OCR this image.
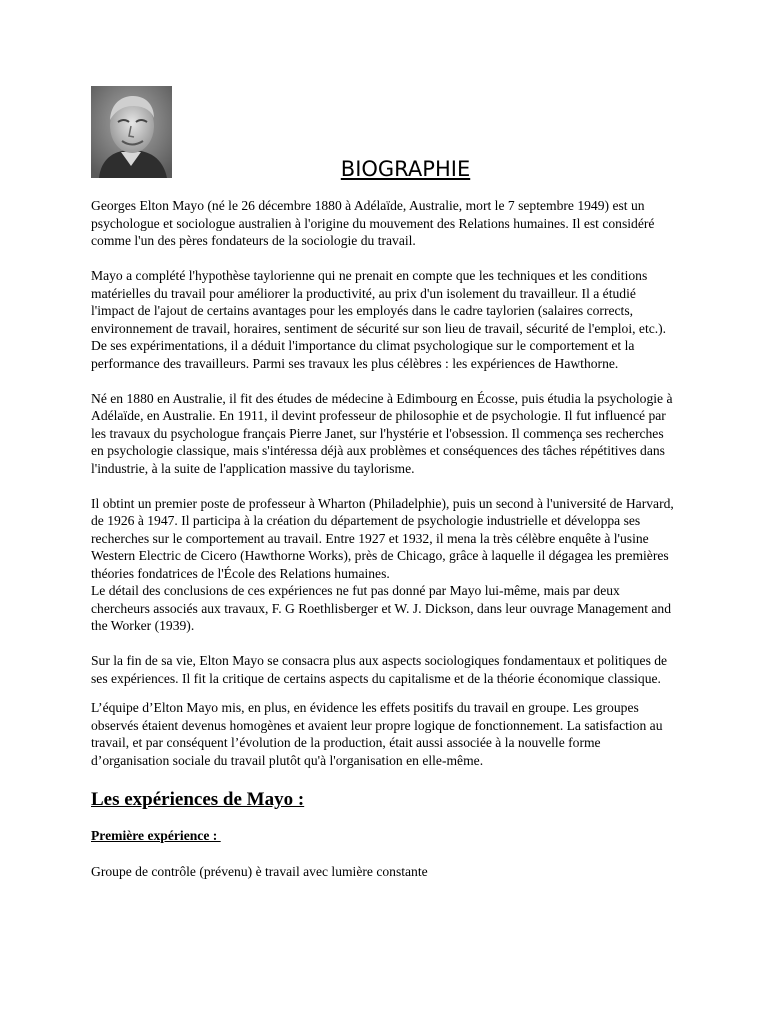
BIOGRAPHIE

Georges Elton Mayo (né le 26 décembre 1880 à Adélaïde, Australie, mort le 7 septembre 1949) est un psychologue et sociologue australien à l'origine du mouvement des Relations humaines. Il est considéré comme l'un des pères fondateurs de la sociologie du travail.

Mayo a complété l'hypothèse taylorienne qui ne prenait en compte que les techniques et les conditions matérielles du travail pour améliorer la productivité, au prix d'un isolement du travailleur. Il a étudié l'impact de l'ajout de certains avantages pour les employés dans le cadre taylorien (salaires corrects, environnement de travail, horaires, sentiment de sécurité sur son lieu de travail, sécurité de l'emploi, etc.).

De ses expérimentations, il a déduit l'importance du climat psychologique sur le comportement et la performance des travailleurs. Parmi ses travaux les plus célèbres : les expériences de Hawthorne.

Né en 1880 en Australie, il fit des études de médecine à Edimbourg en Écosse, puis étudia la psychologie à Adélaïde, en Australie. En 1911, il devint professeur de philosophie et de psychologie. Il fut influencé par les travaux du psychologue français Pierre Janet, sur l'hystérie et l'obsession. Il commença ses recherches en psychologie classique, mais s'intéressa déjà aux problèmes et conséquences des tâches répétitives dans l'industrie, à la suite de l'application massive du taylorisme.

Il obtint un premier poste de professeur à Wharton (Philadelphie), puis un second à l'université de Harvard, de 1926 à 1947. Il participa à la création du département de psychologie industrielle et développa ses recherches sur le comportement au travail. Entre 1927 et 1932, il mena la très célèbre enquête à l'usine Western Electric de Cicero (Hawthorne Works), près de Chicago, grâce à laquelle il dégagea les premières théories fondatrices de l'École des Relations humaines.

Le détail des conclusions de ces expériences ne fut pas donné par Mayo lui-même, mais par deux chercheurs associés aux travaux, F. G Roethlisberger et W. J. Dickson, dans leur ouvrage Management and the Worker (1939).

Sur la fin de sa vie, Elton Mayo se consacra plus aux aspects sociologiques fondamentaux et politiques de ses expériences. Il fit la critique de certains aspects du capitalisme et de la théorie économique classique.

L’équipe d’Elton Mayo mis, en plus, en évidence les effets positifs du travail en groupe. Les groupes observés étaient devenus homogènes et avaient leur propre logique de fonctionnement. La satisfaction au travail, et par conséquent l’évolution de la production, était aussi associée à la nouvelle forme d’organisation sociale du travail plutôt qu'à l'organisation en elle-même.

Les expériences de Mayo :
Première expérience :

Groupe de contrôle (prévenu) è travail avec lumière constante
